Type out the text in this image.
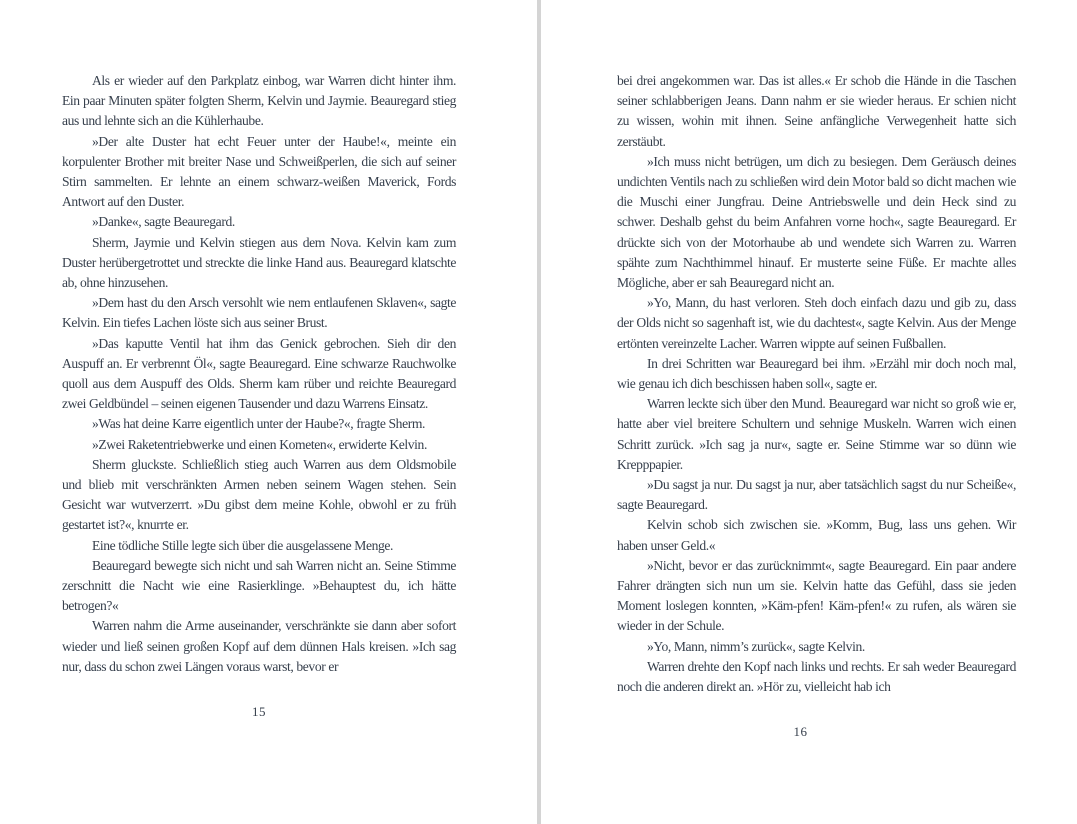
Als er wieder auf den Parkplatz einbog, war Warren dicht hinter ihm. Ein paar Minuten später folgten Sherm, Kelvin und Jaymie. Beauregard stieg aus und lehnte sich an die Kühlerhaube.

»Der alte Duster hat echt Feuer unter der Haube!«, meinte ein korpulenter Brother mit breiter Nase und Schweißperlen, die sich auf seiner Stirn sammelten. Er lehnte an einem schwarz-weißen Maverick, Fords Antwort auf den Duster.

»Danke«, sagte Beauregard.

Sherm, Jaymie und Kelvin stiegen aus dem Nova. Kelvin kam zum Duster herübergetrottet und streckte die linke Hand aus. Beauregard klatschte ab, ohne hinzusehen.

»Dem hast du den Arsch versohlt wie nem entlaufenen Sklaven«, sagte Kelvin. Ein tiefes Lachen löste sich aus seiner Brust.

»Das kaputte Ventil hat ihm das Genick gebrochen. Sieh dir den Auspuff an. Er verbrennt Öl«, sagte Beauregard. Eine schwarze Rauchwolke quoll aus dem Auspuff des Olds. Sherm kam rüber und reichte Beauregard zwei Geldbündel – seinen eigenen Tausender und dazu Warrens Einsatz.

»Was hat deine Karre eigentlich unter der Haube?«, fragte Sherm.

»Zwei Raketentriebwerke und einen Kometen«, erwiderte Kelvin.

Sherm gluckste. Schließlich stieg auch Warren aus dem Oldsmobile und blieb mit verschränkten Armen neben seinem Wagen stehen. Sein Gesicht war wutverzerrt. »Du gibst dem meine Kohle, obwohl er zu früh gestartet ist?«, knurrte er.

Eine tödliche Stille legte sich über die ausgelassene Menge.

Beauregard bewegte sich nicht und sah Warren nicht an. Seine Stimme zerschnitt die Nacht wie eine Rasierklinge. »Behauptest du, ich hätte betrogen?«

Warren nahm die Arme auseinander, verschränkte sie dann aber sofort wieder und ließ seinen großen Kopf auf dem dünnen Hals kreisen. »Ich sag nur, dass du schon zwei Längen voraus warst, bevor er

15

bei drei angekommen war. Das ist alles.« Er schob die Hände in die Taschen seiner schlabberigen Jeans. Dann nahm er sie wieder heraus. Er schien nicht zu wissen, wohin mit ihnen. Seine anfängliche Verwegenheit hatte sich zerstäubt.

»Ich muss nicht betrügen, um dich zu besiegen. Dem Geräusch deines undichten Ventils nach zu schließen wird dein Motor bald so dicht machen wie die Muschi einer Jungfrau. Deine Antriebswelle und dein Heck sind zu schwer. Deshalb gehst du beim Anfahren vorne hoch«, sagte Beauregard. Er drückte sich von der Motorhaube ab und wendete sich Warren zu. Warren spähte zum Nachthimmel hinauf. Er musterte seine Füße. Er machte alles Mögliche, aber er sah Beauregard nicht an.

»Yo, Mann, du hast verloren. Steh doch einfach dazu und gib zu, dass der Olds nicht so sagenhaft ist, wie du dachtest«, sagte Kelvin. Aus der Menge ertönten vereinzelte Lacher. Warren wippte auf seinen Fußballen.

In drei Schritten war Beauregard bei ihm. »Erzähl mir doch noch mal, wie genau ich dich beschissen haben soll«, sagte er.

Warren leckte sich über den Mund. Beauregard war nicht so groß wie er, hatte aber viel breitere Schultern und sehnige Muskeln. Warren wich einen Schritt zurück. »Ich sag ja nur«, sagte er. Seine Stimme war so dünn wie Krepppapier.

»Du sagst ja nur. Du sagst ja nur, aber tatsächlich sagst du nur Scheiße«, sagte Beauregard.

Kelvin schob sich zwischen sie. »Komm, Bug, lass uns gehen. Wir haben unser Geld.«

»Nicht, bevor er das zurücknimmt«, sagte Beauregard. Ein paar andere Fahrer drängten sich nun um sie. Kelvin hatte das Gefühl, dass sie jeden Moment loslegen konnten, »Käm-pfen! Käm-pfen!« zu rufen, als wären sie wieder in der Schule.

»Yo, Mann, nimm’s zurück«, sagte Kelvin.

Warren drehte den Kopf nach links und rechts. Er sah weder Beauregard noch die anderen direkt an. »Hör zu, vielleicht hab ich

16
